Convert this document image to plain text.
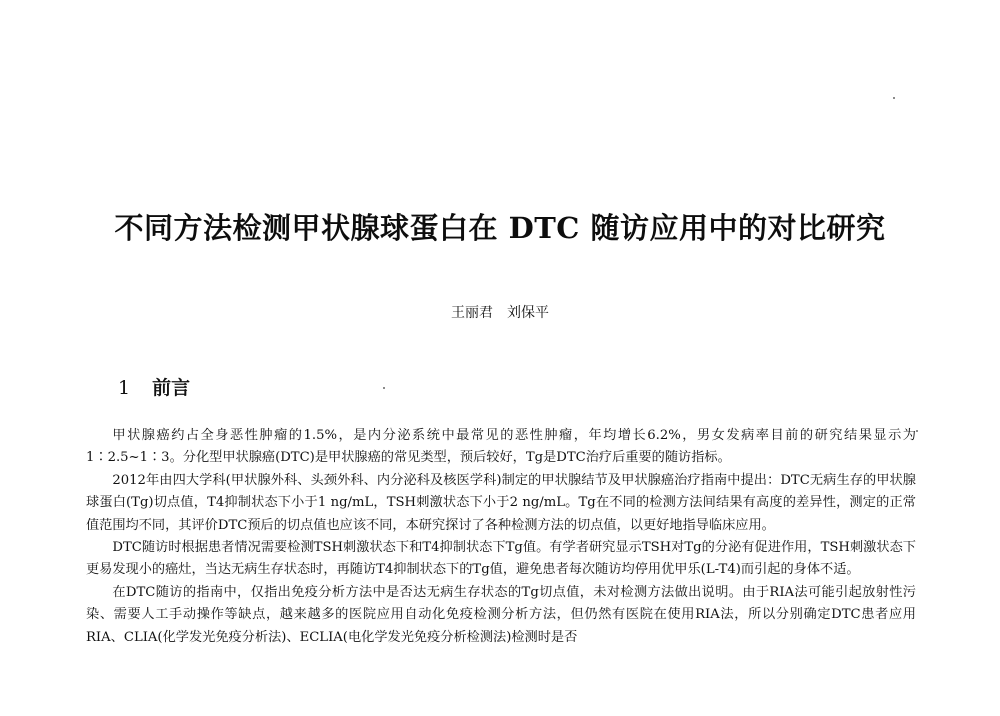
不同方法检测甲状腺球蛋白在 DTC 随访应用中的对比研究
王丽君 刘保平
1 前言

甲状腺癌约占全身恶性肿瘤的1.5%，是内分泌系统中最常见的恶性肿瘤，年均增长6.2%，男女发病率目前的研究结果显示为1∶2.5~1∶3。分化型甲状腺癌(DTC)是甲状腺癌的常见类型，预后较好，Tg是DTC治疗后重要的随访指标。

2012年由四大学科(甲状腺外科、头颈外科、内分泌科及核医学科)制定的甲状腺结节及甲状腺癌治疗指南中提出：DTC无病生存的甲状腺球蛋白(Tg)切点值，T4抑制状态下小于1 ng/mL，TSH刺激状态下小于2 ng/mL。Tg在不同的检测方法间结果有高度的差异性，测定的正常值范围均不同，其评价DTC预后的切点值也应该不同，本研究探讨了各种检测方法的切点值，以更好地指导临床应用。

DTC随访时根据患者情况需要检测TSH刺激状态下和T4抑制状态下Tg值。有学者研究显示TSH对Tg的分泌有促进作用，TSH刺激状态下更易发现小的癌灶，当达无病生存状态时，再随访T4抑制状态下的Tg值，避免患者每次随访均停用优甲乐(L-T4)而引起的身体不适。

在DTC随访的指南中，仅指出免疫分析方法中是否达无病生存状态的Tg切点值，未对检测方法做出说明。由于RIA法可能引起放射性污染、需要人工手动操作等缺点，越来越多的医院应用自动化免疫检测分析方法，但仍然有医院在使用RIA法，所以分别确定DTC患者应用RIA、CLIA(化学发光免疫分析法)、ECLIA(电化学发光免疫分析检测法)检测时是否
